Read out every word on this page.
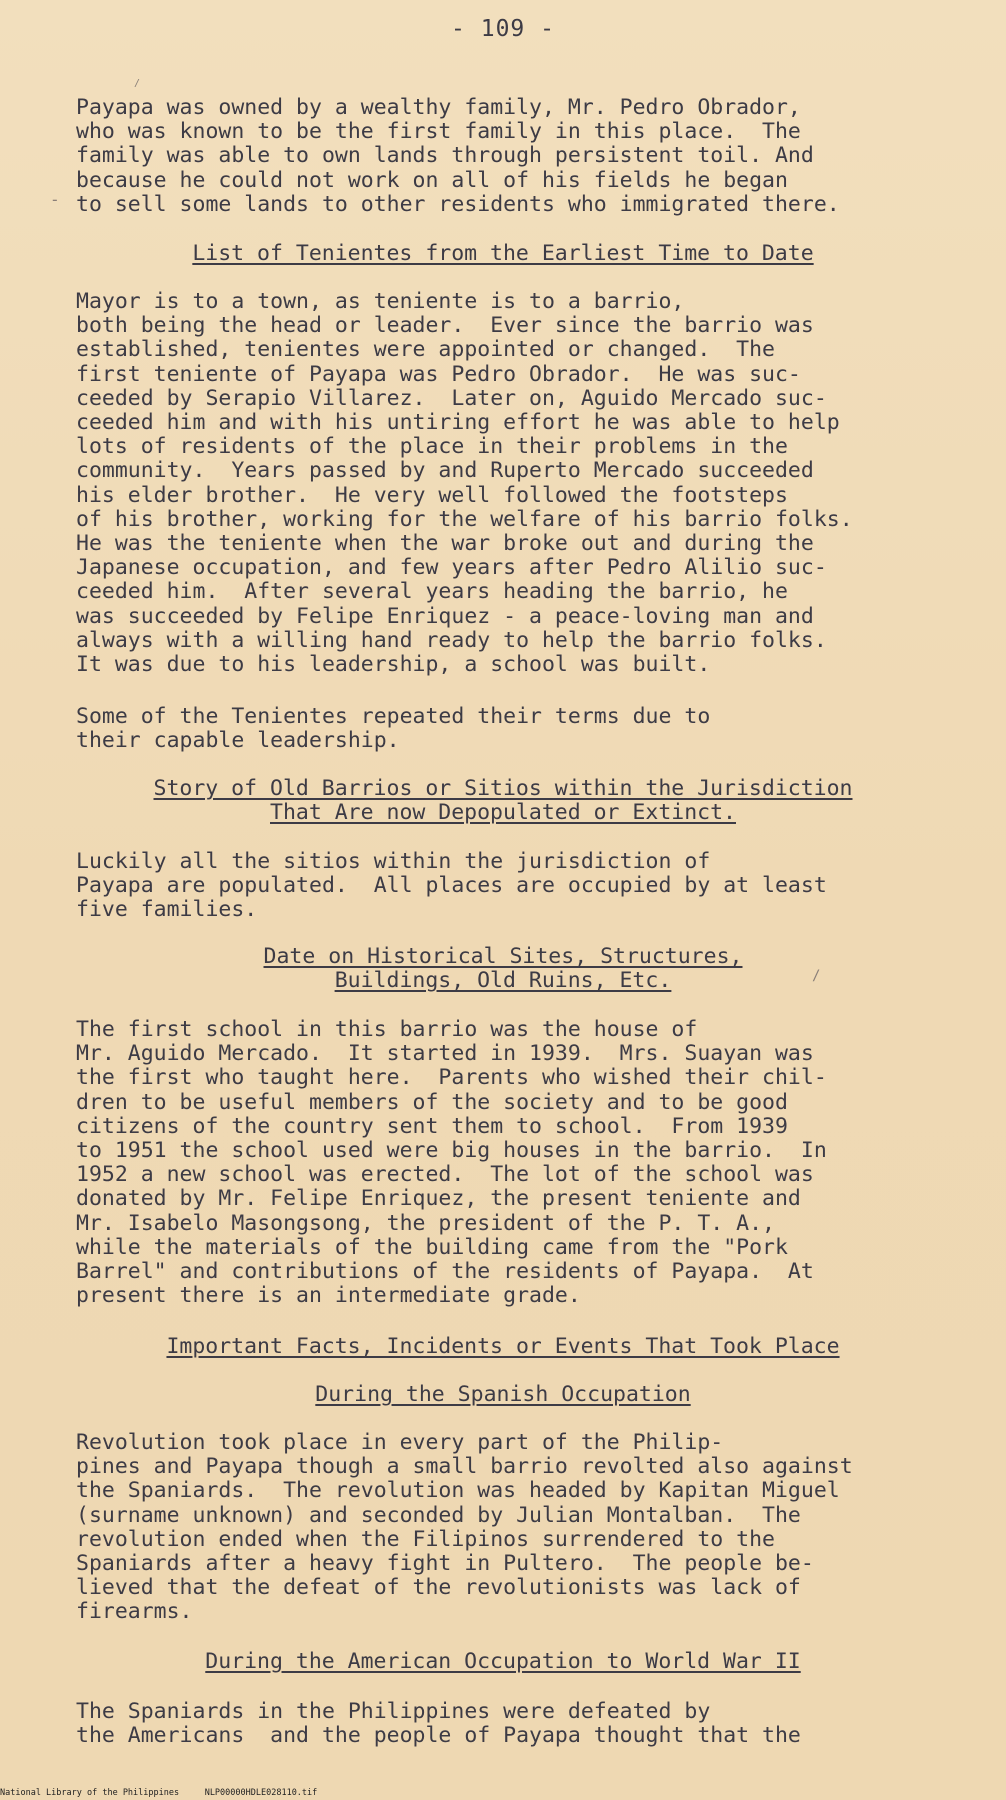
- 109 -
/
-
/

Payapa was owned by a wealthy family, Mr. Pedro Obrador,
who was known to be the first family in this place.  The
family was able to own lands through persistent toil. And
because he could not work on all of his fields he began
to sell some lands to other residents who immigrated there.

List of Tenientes from the Earliest Time to Date

Mayor is to a town, as teniente is to a barrio,
both being the head or leader.  Ever since the barrio was
established, tenientes were appointed or changed.  The
first teniente of Payapa was Pedro Obrador.  He was suc-
ceeded by Serapio Villarez.  Later on, Aguido Mercado suc-
ceeded him and with his untiring effort he was able to help
lots of residents of the place in their problems in the
community.  Years passed by and Ruperto Mercado succeeded
his elder brother.  He very well followed the footsteps
of his brother, working for the welfare of his barrio folks.
He was the teniente when the war broke out and during the
Japanese occupation, and few years after Pedro Alilio suc-
ceeded him.  After several years heading the barrio, he
was succeeded by Felipe Enriquez - a peace-loving man and
always with a willing hand ready to help the barrio folks.
It was due to his leadership, a school was built.

Some of the Tenientes repeated their terms due to
their capable leadership.

Story of Old Barrios or Sitios within the Jurisdiction
That Are now Depopulated or Extinct.

Luckily all the sitios within the jurisdiction of
Payapa are populated.  All places are occupied by at least
five families.

Date on Historical Sites, Structures,
Buildings, Old Ruins, Etc.

The first school in this barrio was the house of
Mr. Aguido Mercado.  It started in 1939.  Mrs. Suayan was
the first who taught here.  Parents who wished their chil-
dren to be useful members of the society and to be good
citizens of the country sent them to school.  From 1939
to 1951 the school used were big houses in the barrio.  In
1952 a new school was erected.  The lot of the school was
donated by Mr. Felipe Enriquez, the present teniente and
Mr. Isabelo Masongsong, the president of the P. T. A.,
while the materials of the building came from the "Pork
Barrel" and contributions of the residents of Payapa.  At
present there is an intermediate grade.

Important Facts, Incidents or Events That Took Place

During the Spanish Occupation

Revolution took place in every part of the Philip-
pines and Payapa though a small barrio revolted also against
the Spaniards.  The revolution was headed by Kapitan Miguel
(surname unknown) and seconded by Julian Montalban.  The
revolution ended when the Filipinos surrendered to the
Spaniards after a heavy fight in Pultero.  The people be-
lieved that the defeat of the revolutionists was lack of
firearms.

During the American Occupation to World War II

The Spaniards in the Philippines were defeated by
the Americans  and the people of Payapa thought that the

National Library of the Philippines     NLP00000HDLE028110.tif
